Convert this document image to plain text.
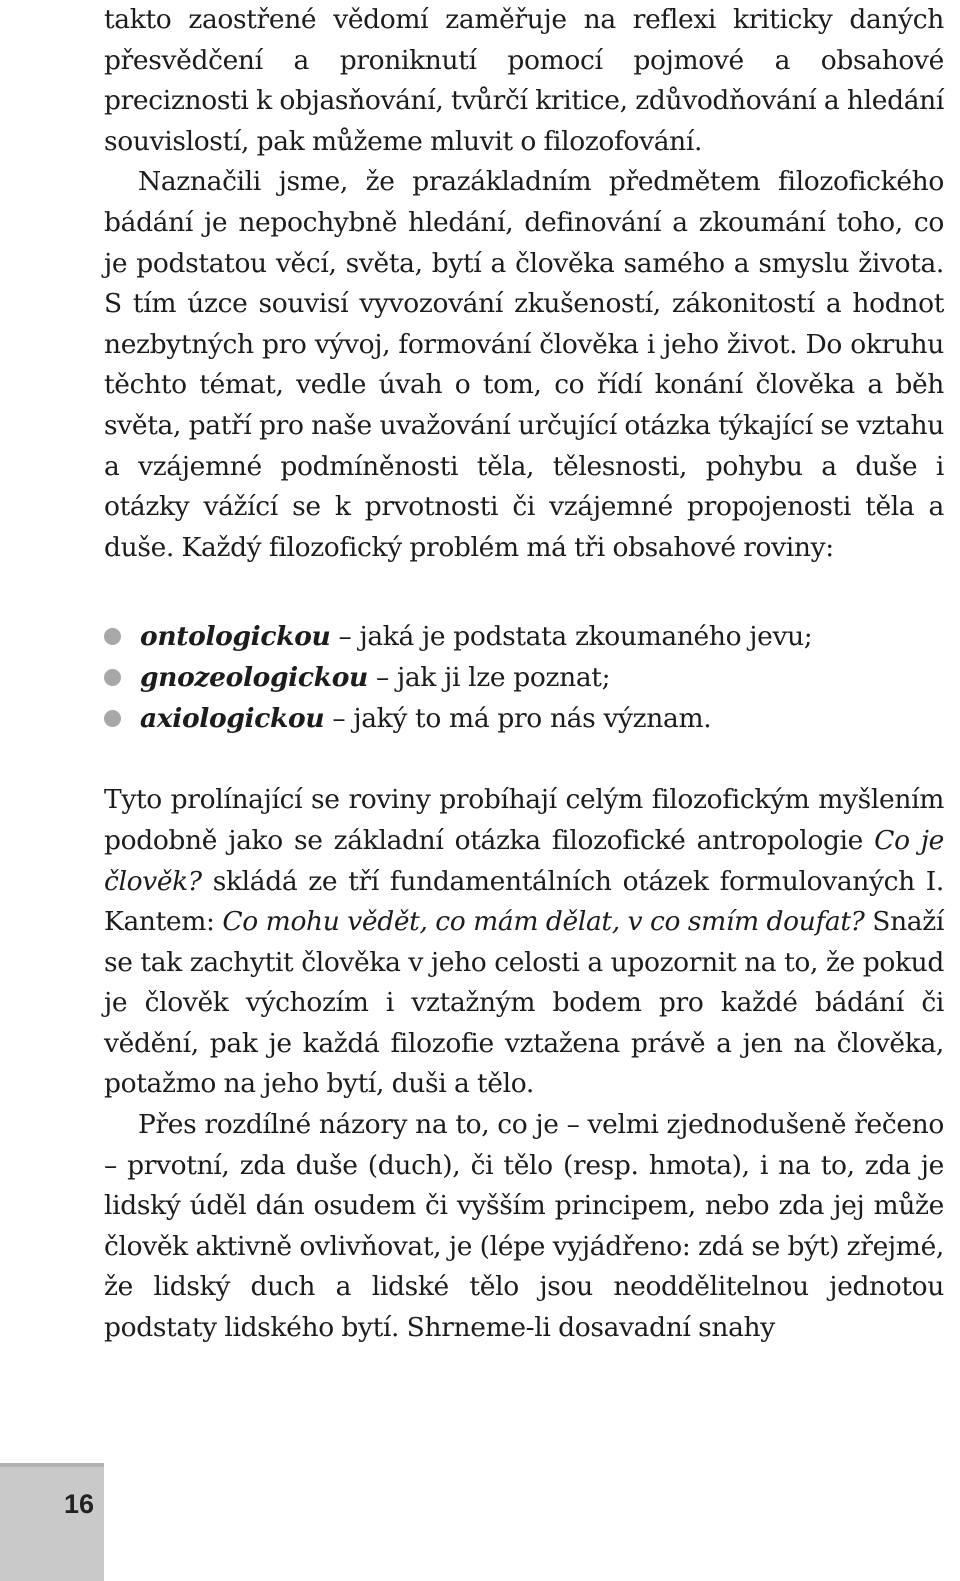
takto zaostřené vědomí zaměřuje na reflexi kriticky daných přesvědčení a proniknutí pomocí pojmové a obsahové preciznosti k objasňování, tvůrčí kritice, zdůvodňování a hledání souvislostí, pak můžeme mluvit o filozofování.

Naznačili jsme, že prazákladním předmětem filozofického bádání je nepochybně hledání, definování a zkoumání toho, co je podstatou věcí, světa, bytí a člověka samého a smyslu života. S tím úzce souvisí vyvozování zkušeností, zákonitostí a hodnot nezbytných pro vývoj, formování člověka i jeho život. Do okruhu těchto témat, vedle úvah o tom, co řídí konání člověka a běh světa, patří pro naše uvažování určující otázka týkající se vztahu a vzájemné podmíněnosti těla, tělesnosti, pohybu a duše i otázky vážící se k prvotnosti či vzájemné propojenosti těla a duše. Každý filozofický problém má tři obsahové roviny:

ontologickou – jaká je podstata zkoumaného jevu;
gnozeologickou – jak ji lze poznat;
axiologickou – jaký to má pro nás význam.

Tyto prolínající se roviny probíhají celým filozofickým myšlením podobně jako se základní otázka filozofické antropologie Co je člověk? skládá ze tří fundamentálních otázek formulovaných I. Kantem: Co mohu vědět, co mám dělat, v co smím doufat? Snaží se tak zachytit člověka v jeho celosti a upozornit na to, že pokud je člověk výchozím i vztažným bodem pro každé bádání či vědění, pak je každá filozofie vztažena právě a jen na člověka, potažmo na jeho bytí, duši a tělo.

Přes rozdílné názory na to, co je – velmi zjednodušeně řečeno – prvotní, zda duše (duch), či tělo (resp. hmota), i na to, zda je lidský úděl dán osudem či vyšším principem, nebo zda jej může člověk aktivně ovlivňovat, je (lépe vyjádřeno: zdá se být) zřejmé, že lidský duch a lidské tělo jsou neoddělitelnou jednotou podstaty lidského bytí. Shrneme-li dosavadní snahy

16
